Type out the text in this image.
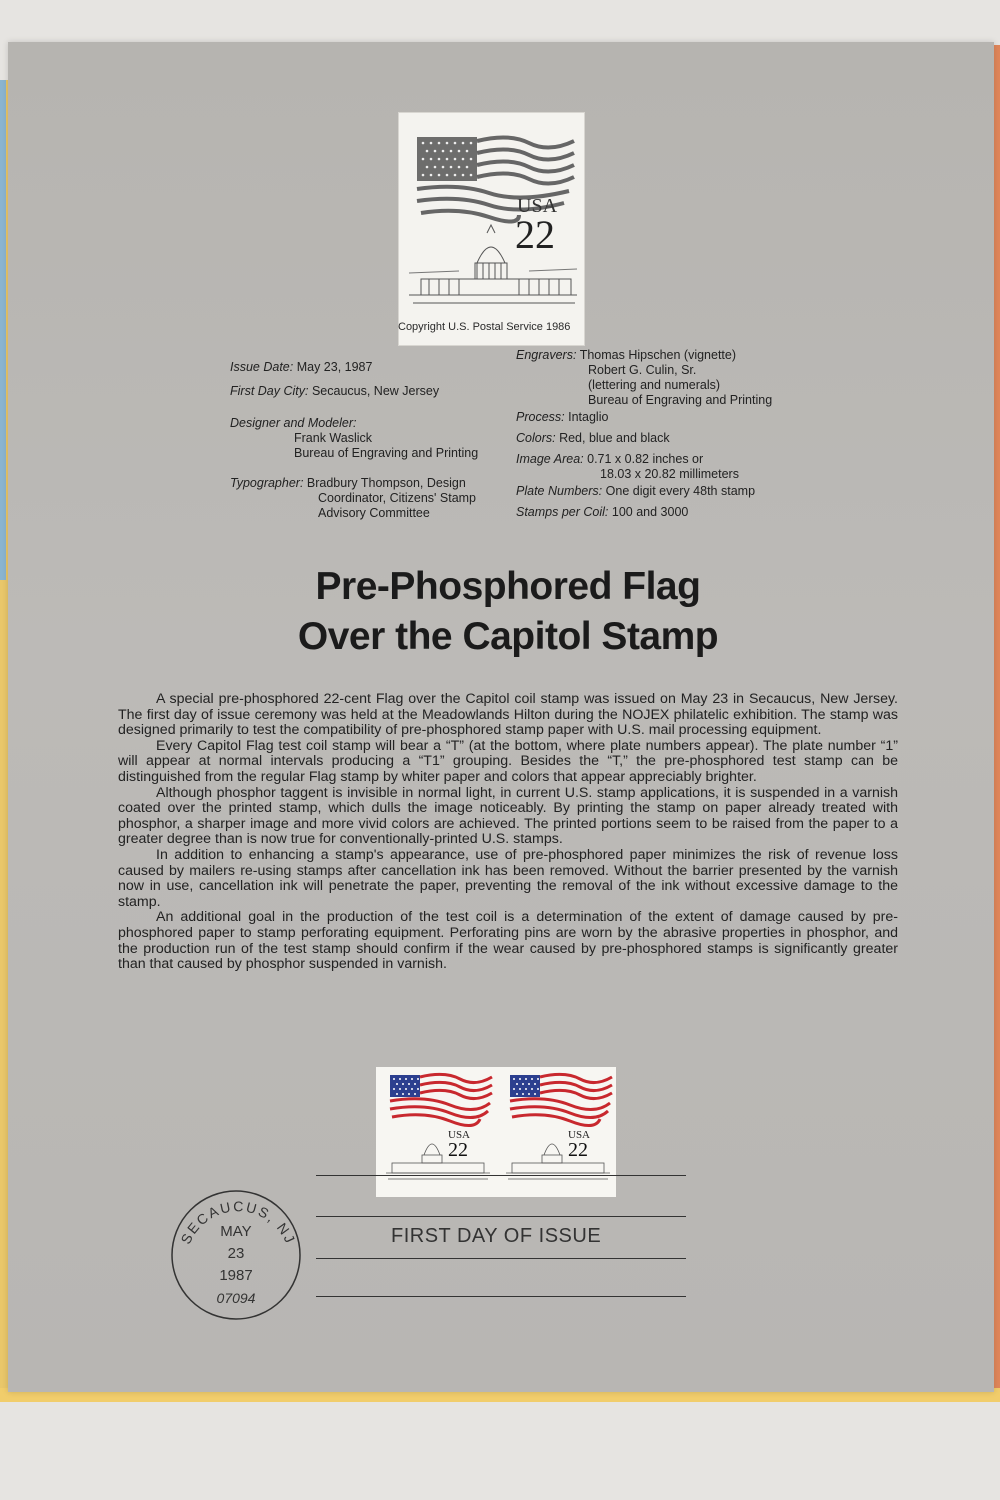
USA
22
Copyright U.S. Postal Service 1986
Issue Date: May 23, 1987
First Day City: Secaucus, New Jersey
Designer and Modeler:
Frank Waslick
Bureau of Engraving and Printing
Typographer: Bradbury Thompson, Design
Coordinator, Citizens' Stamp
Advisory Committee
Engravers: Thomas Hipschen (vignette)
Robert G. Culin, Sr.
(lettering and numerals)
Bureau of Engraving and Printing
Process: Intaglio
Colors: Red, blue and black
Image Area: 0.71 x 0.82 inches or
18.03 x 20.82 millimeters
Plate Numbers: One digit every 48th stamp
Stamps per Coil: 100 and 3000
Pre-Phosphored Flag
Over the Capitol Stamp

A special pre-phosphored 22-cent Flag over the Capitol coil stamp was issued on May 23 in Secaucus, New Jersey. The first day of issue ceremony was held at the Meadowlands Hilton during the NOJEX philatelic exhibition. The stamp was designed primarily to test the compatibility of pre-phosphored stamp paper with U.S. mail processing equipment.

Every Capitol Flag test coil stamp will bear a “T” (at the bottom, where plate numbers appear). The plate number “1” will appear at normal intervals producing a “T1” grouping. Besides the “T,” the pre-phosphored test stamp can be distinguished from the regular Flag stamp by whiter paper and colors that appear appreciably brighter.

Although phosphor taggent is invisible in normal light, in current U.S. stamp applications, it is suspended in a varnish coated over the printed stamp, which dulls the image noticeably. By printing the stamp on paper already treated with phosphor, a sharper image and more vivid colors are achieved. The printed portions seem to be raised from the paper to a greater degree than is now true for conventionally-printed U.S. stamps.

In addition to enhancing a stamp's appearance, use of pre-phosphored paper minimizes the risk of revenue loss caused by mailers re-using stamps after cancellation ink has been removed. Without the barrier presented by the varnish now in use, cancellation ink will penetrate the paper, preventing the removal of the ink without excessive damage to the stamp.

An additional goal in the production of the test coil is a determination of the extent of damage caused by pre-phosphored paper to stamp perforating equipment. Perforating pins are worn by the abrasive properties in phosphor, and the production run of the test stamp should confirm if the wear caused by pre-phosphored stamps is significantly greater than that caused by phosphor suspended in varnish.

USA
22
USA
22
FIRST DAY OF ISSUE
SECAUCUS, NJ
MAY
23
1987
07094
